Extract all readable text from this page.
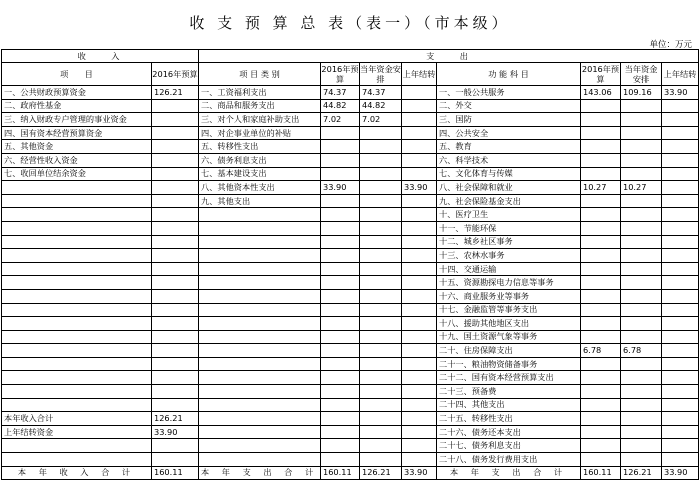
收 支 预 算 总 表（表一）（市本级）
单位：万元
收　　入		支　　出							
项　　目	2016年预算	项 目 类 别	2016年预算	当年资金安排	上年结转	功 能 科 目	2016年预算	当年资金安排	上年结转
一、公共财政预算资金	126.21	一、工资福利支出	74.37	74.37		一、一般公共服务	143.06	109.16	33.90
二、政府性基金		二、商品和服务支出	44.82	44.82		二、外交			
三、纳入财政专户管理的事业资金		三、对个人和家庭补助支出	7.02	7.02		三、国防			
四、国有资本经营预算资金		四、对企事业单位的补贴				四、公共安全			
五、其他资金		五、转移性支出				五、教育			
六、经营性收入资金		六、债务利息支出				六、科学技术			
七、收回单位结余资金		七、基本建设支出				七、文化体育与传媒			
		八、其他资本性支出	33.90		33.90	八、社会保障和就业	10.27	10.27	
		九、其他支出				九、社会保险基金支出			
						十、医疗卫生			
						十一、节能环保			
						十二、城乡社区事务			
						十三、农林水事务			
						十四、交通运输			
						十五、资源勘探电力信息等事务			
						十六、商业服务业等事务			
						十七、金融监管等事务支出			
						十八、援助其他地区支出			
						十九、国土资源气象等事务			
						二十、住房保障支出	6.78	6.78	
						二十一、粮油物资储备事务			
						二十二、国有资本经营预算支出			
						二十三、预备费			
						二十四、其他支出			
本年收入合计	126.21					二十五、转移性支出			
上年结转资金	33.90					二十六、债务还本支出			
						二十七、债务利息支出			
						二十八、债务发行费用支出			
本 年 收 入 合 计	160.11	本 年 支 出 合 计	160.11	126.21	33.90	本 年 支 出 合 计	160.11	126.21	33.90
